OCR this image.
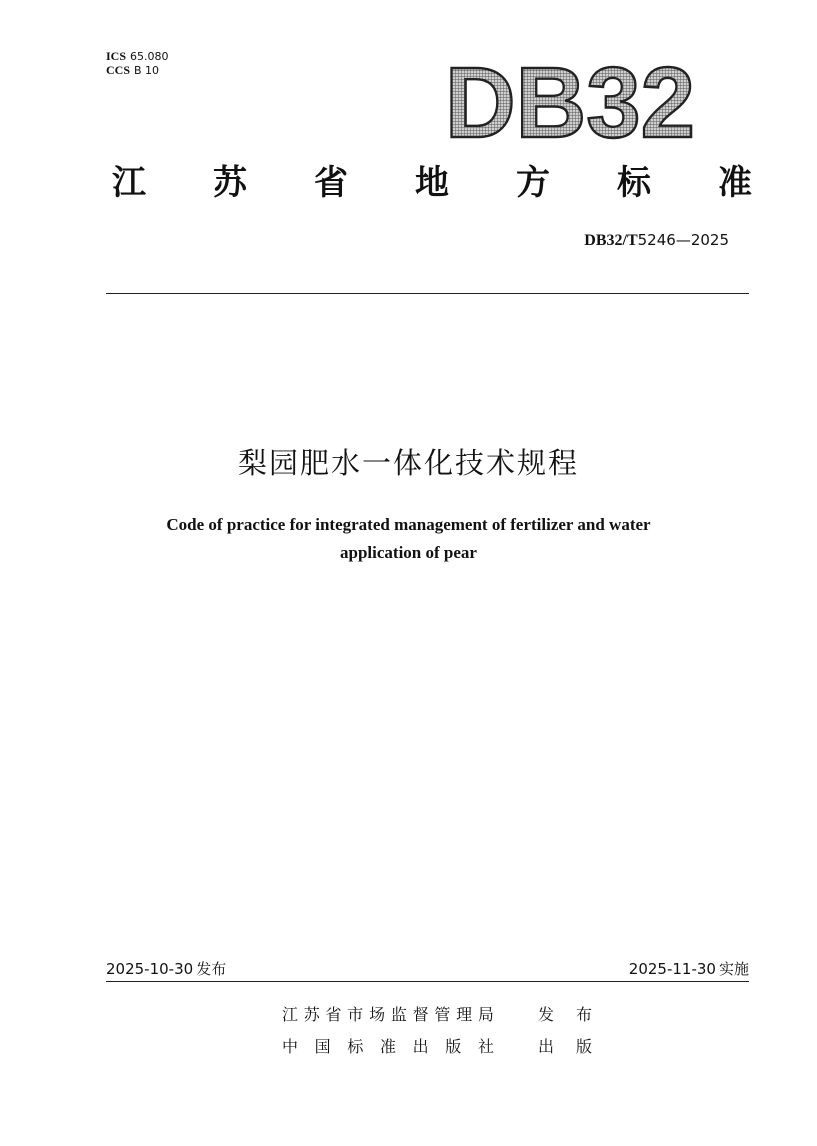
ICS 65.080
CCS B 10	DB32
江 苏 省 地 方 标 准
DB32/T5246—2025
梨园肥水一体化技术规程
Code of practice for integrated management of fertilizer and water
application of pear
2025-10-30 发布	2025-11-30 实施
江 苏 省 市 场 监 督 管 理 局	发 布
中 国 标 准 出 版 社	出 版
